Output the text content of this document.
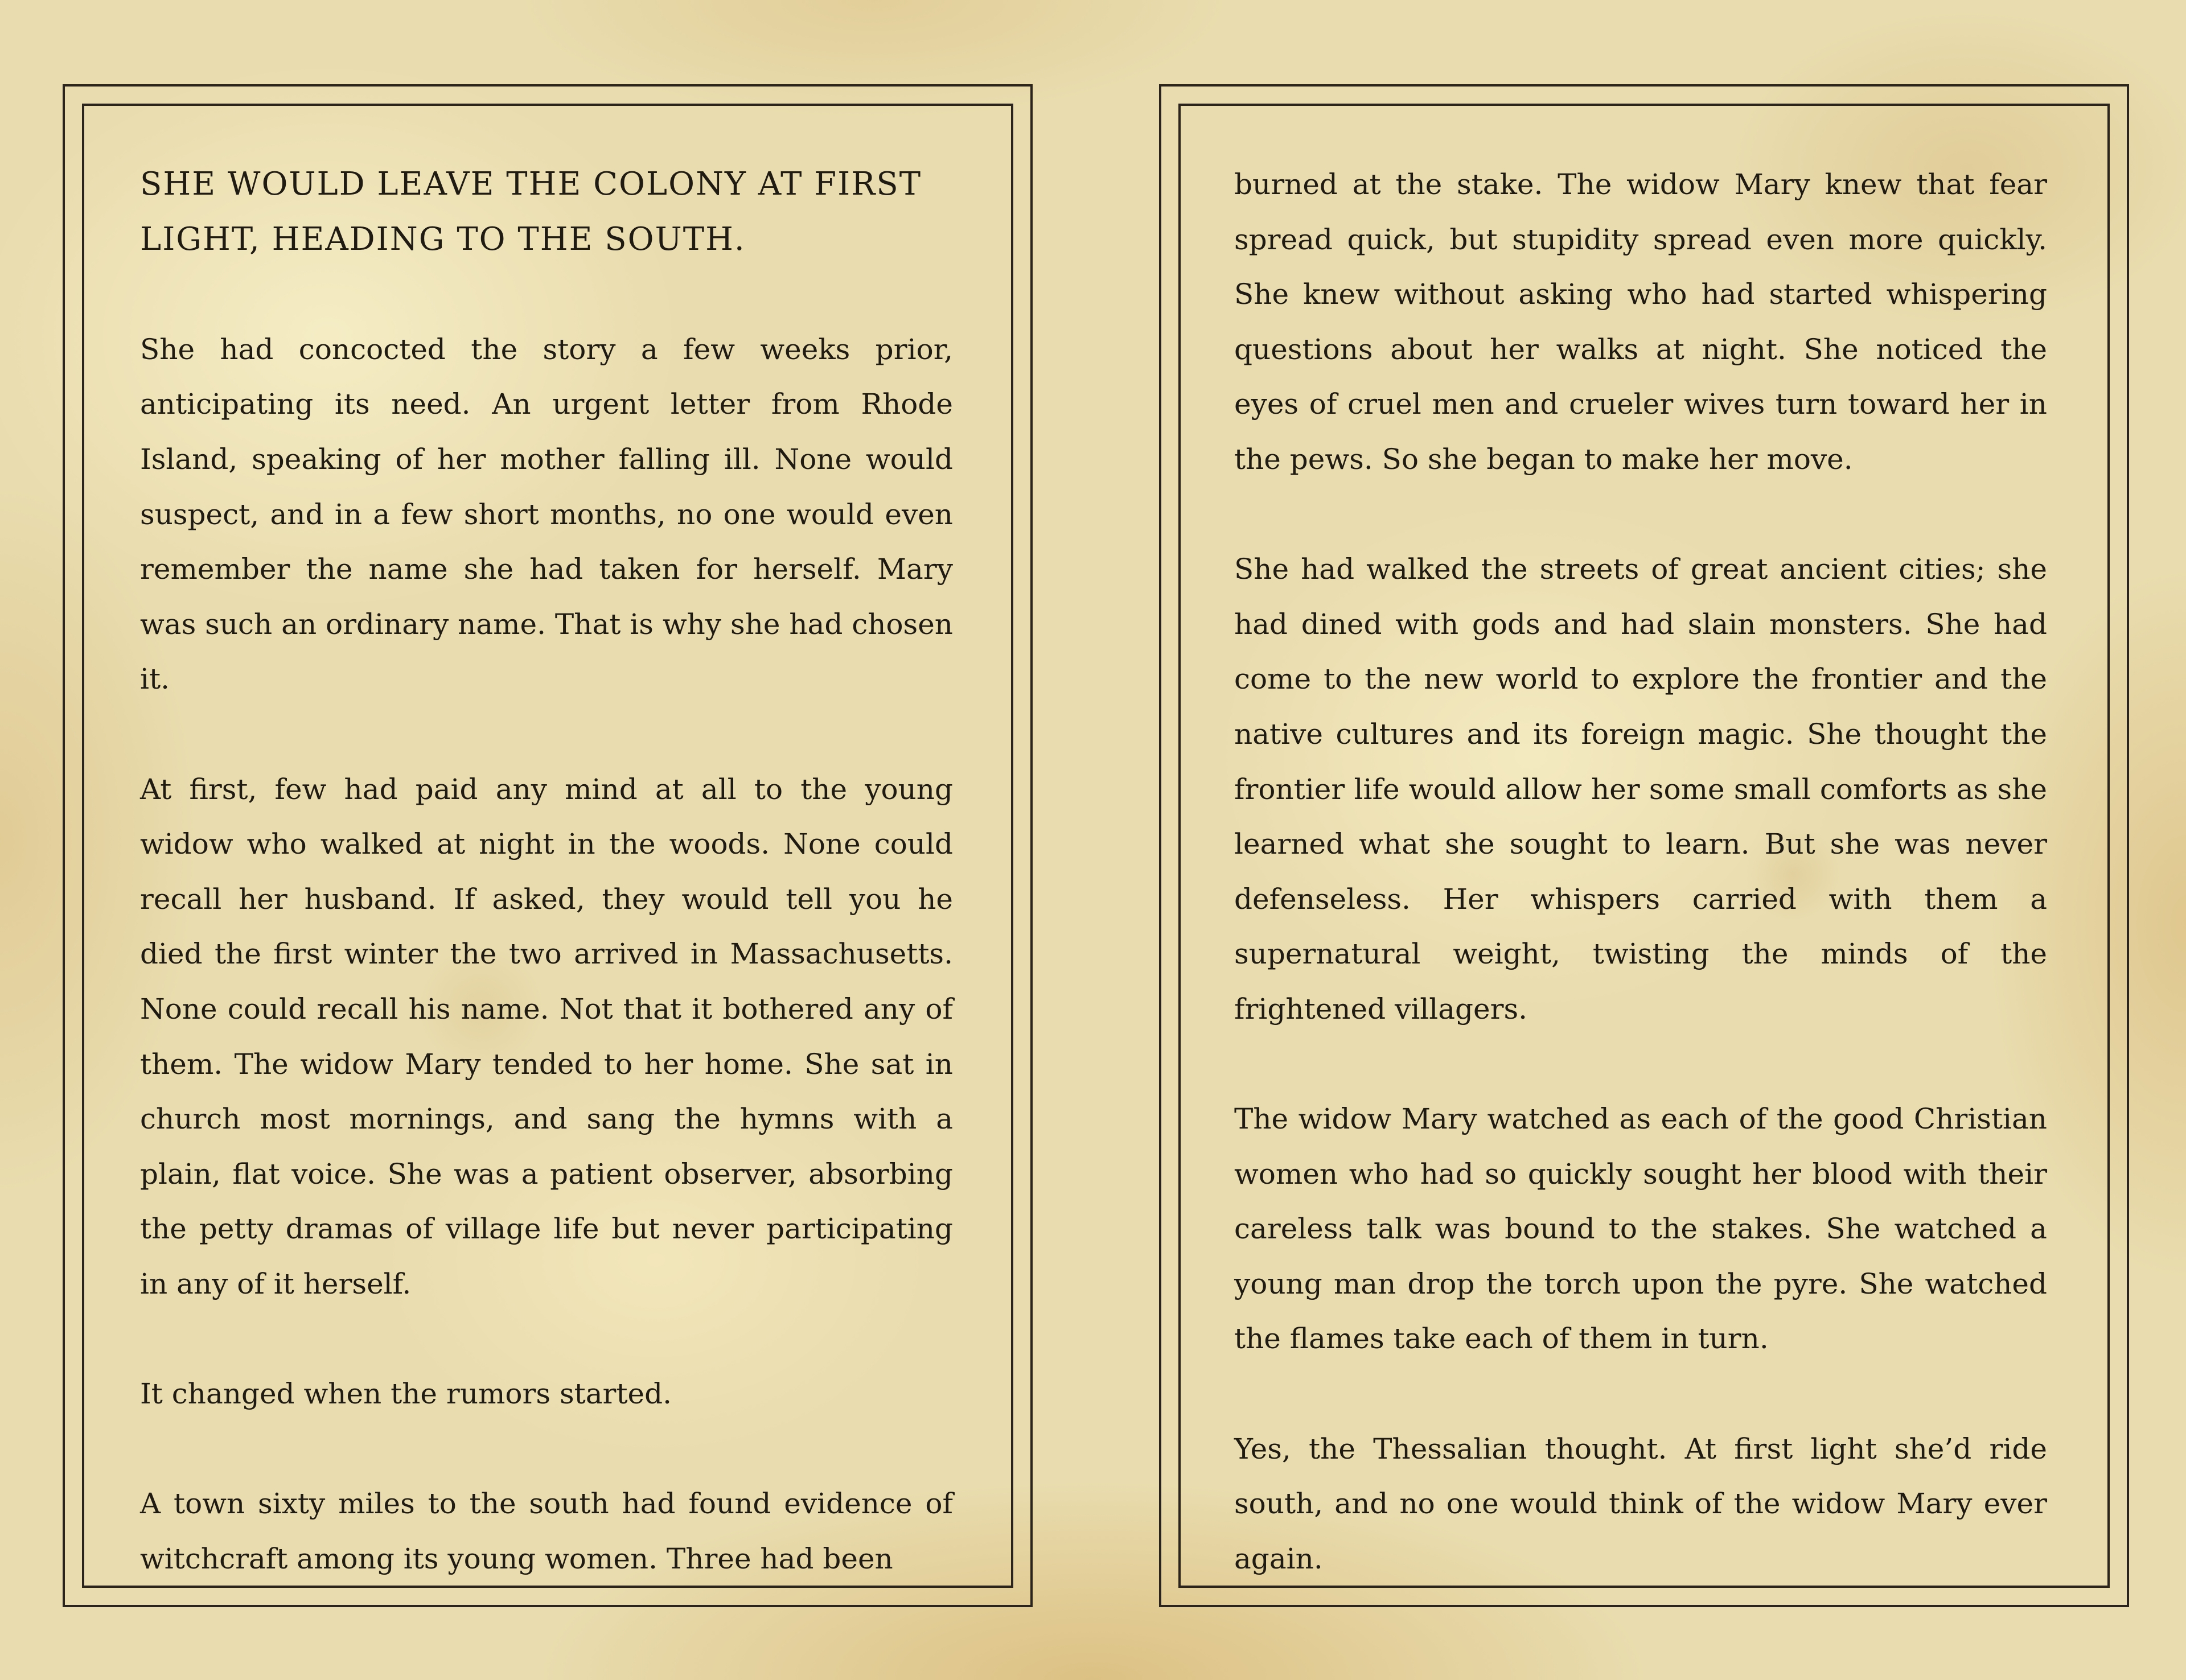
SHE WOULD LEAVE THE COLONY AT FIRST LIGHT, HEADING TO THE SOUTH.

She had concocted the story a few weeks prior, anticipating its need. An urgent letter from Rhode Island, speaking of her mother falling ill. None would suspect, and in a few short months, no one would even remember the name she had taken for herself. Mary was such an ordinary name. That is why she had chosen it.

At first, few had paid any mind at all to the young widow who walked at night in the woods. None could recall her husband. If asked, they would tell you he died the first winter the two arrived in Massachusetts. None could recall his name. Not that it bothered any of them. The widow Mary tended to her home. She sat in church most mornings, and sang the hymns with a plain, flat voice. She was a patient observer, absorbing the petty dramas of village life but never participating in any of it herself.

It changed when the rumors started.

A town sixty miles to the south had found evidence of witchcraft among its young women. Three had been

burned at the stake. The widow Mary knew that fear spread quick, but stupidity spread even more quickly. She knew without asking who had started whispering questions about her walks at night. She noticed the eyes of cruel men and crueler wives turn toward her in the pews. So she began to make her move.

She had walked the streets of great ancient cities; she had dined with gods and had slain monsters. She had come to the new world to explore the frontier and the native cultures and its foreign magic. She thought the frontier life would allow her some small comforts as she learned what she sought to learn. But she was never defenseless. Her whispers carried with them a supernatural weight, twisting the minds of the frightened villagers.

The widow Mary watched as each of the good Christian women who had so quickly sought her blood with their careless talk was bound to the stakes. She watched a young man drop the torch upon the pyre. She watched the flames take each of them in turn.

Yes, the Thessalian thought. At first light she’d ride south, and no one would think of the widow Mary ever again.
